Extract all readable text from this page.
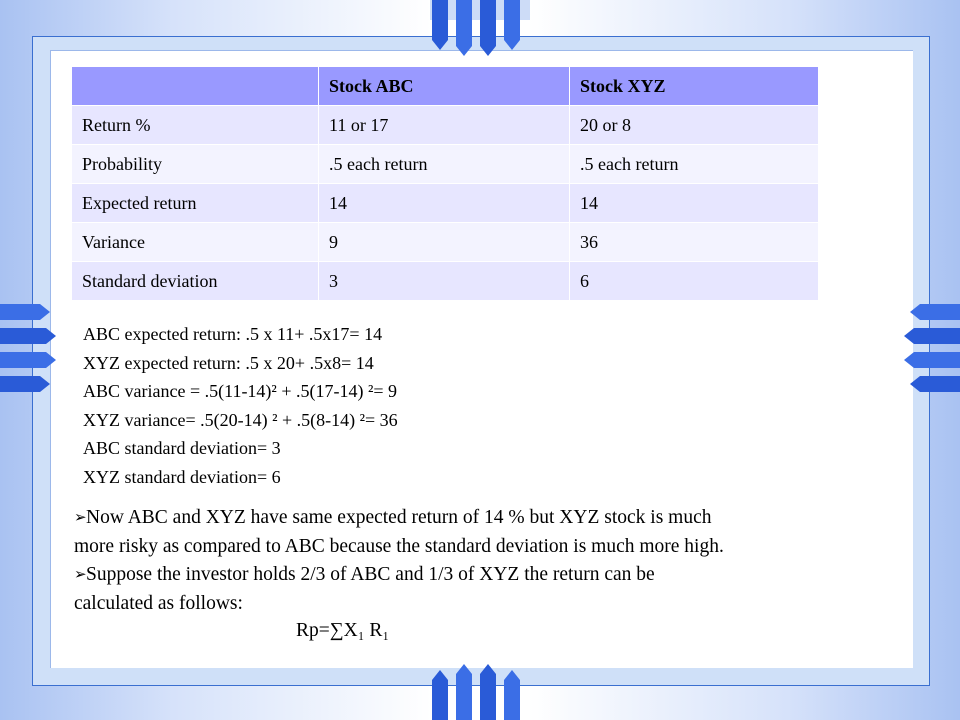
	Stock ABC	Stock XYZ
Return %	11 or 17	20 or 8
Probability	.5 each return	.5 each return
Expected return	14	14
Variance	9	36
Standard deviation	3	6
ABC expected return: .5 x 11+ .5x17= 14
XYZ expected return: .5 x 20+ .5x8= 14
ABC variance = .5(11-14)² + .5(17-14) ²= 9
XYZ variance= .5(20-14) ² + .5(8-14) ²= 36
ABC standard deviation= 3
XYZ standard deviation= 6
➢ Now ABC and XYZ have same expected return of 14 % but XYZ stock is much
more risky as compared to ABC because the standard deviation is much more high.
➢ Suppose the investor holds 2/3 of ABC and 1/3 of XYZ the return can be
calculated as follows:
Rp=∑X₁ R₁
